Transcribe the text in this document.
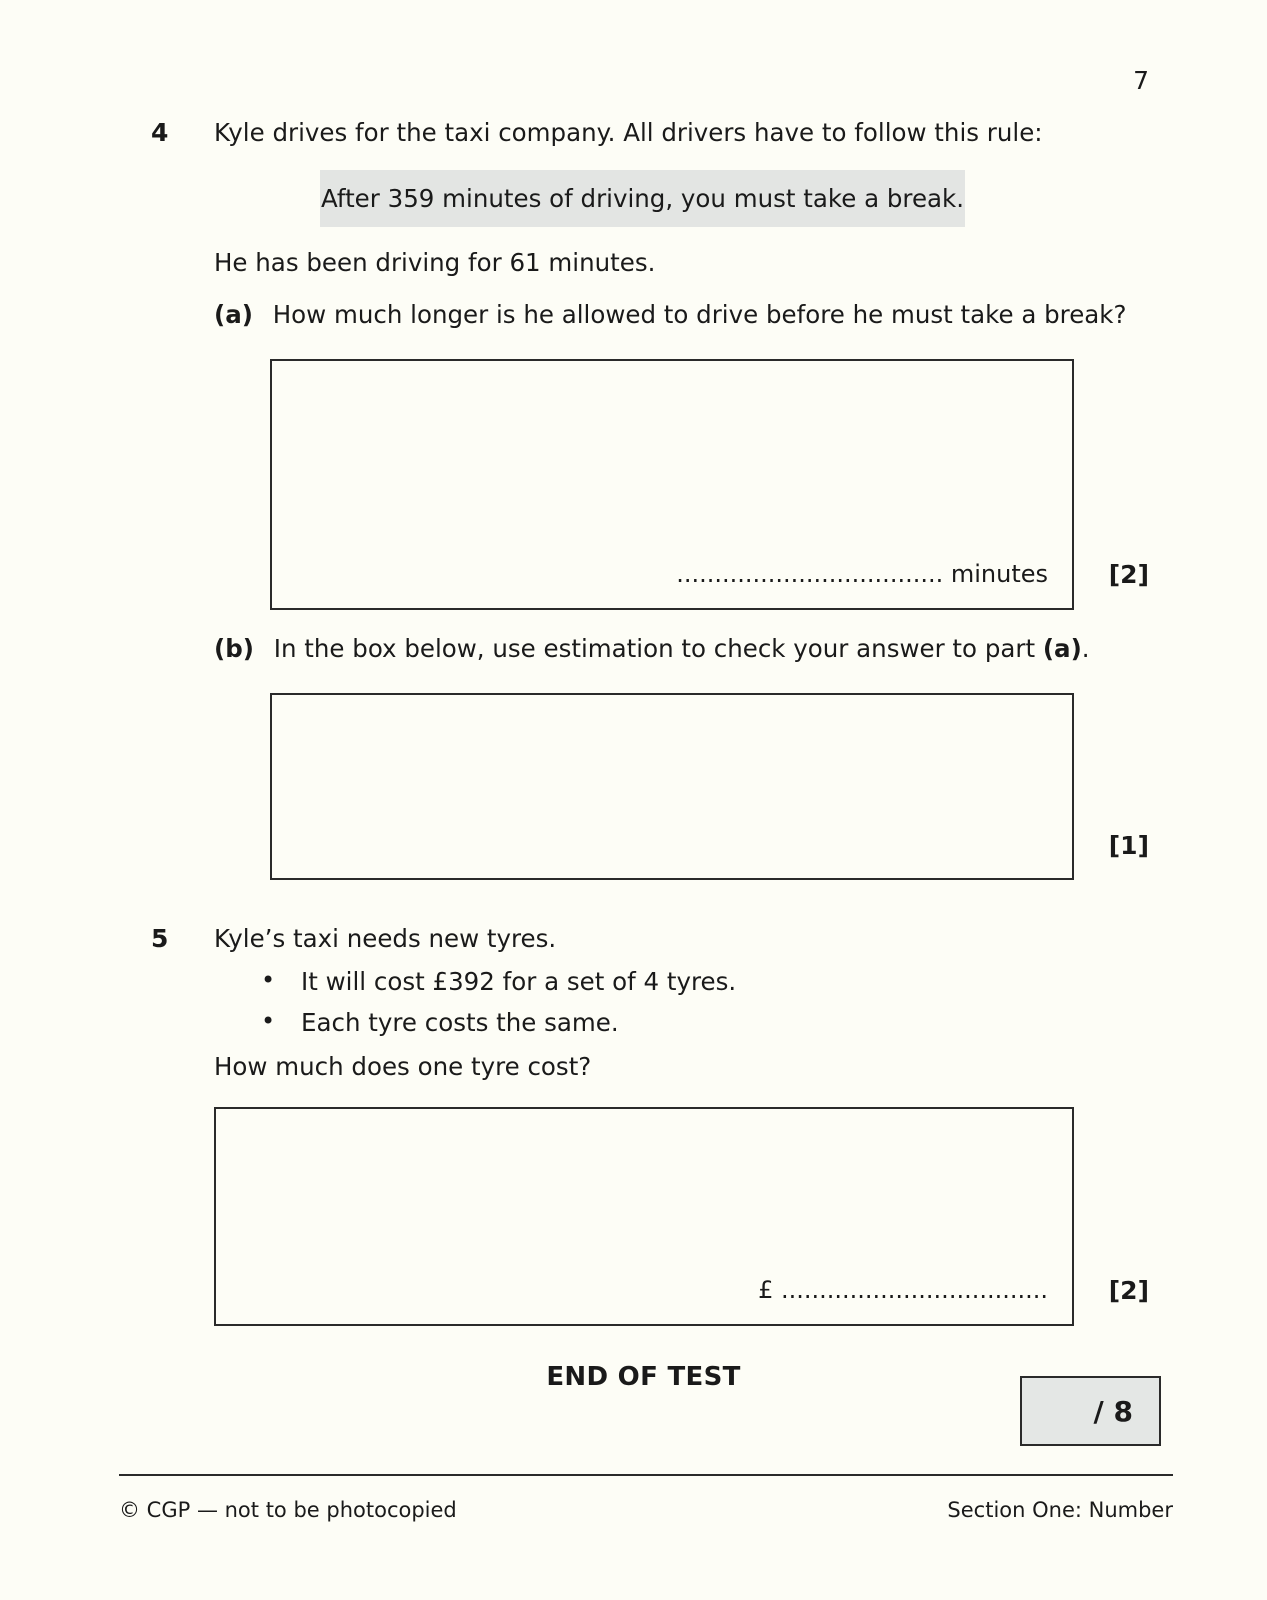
7
4 Kyle drives for the taxi company. All drivers have to follow this rule:
After 359 minutes of driving, you must take a break.
He has been driving for 61 minutes.
(a) How much longer is he allowed to drive before he must take a break?
................................... minutes [2]
(b) In the box below, use estimation to check your answer to part (a).
[1]
5 Kyle’s taxi needs new tyres.
• It will cost £392 for a set of 4 tyres.
• Each tyre costs the same.
How much does one tyre cost?
£ ................................... [2]
END OF TEST
/ 8
© CGP — not to be photocopied	Section One: Number
